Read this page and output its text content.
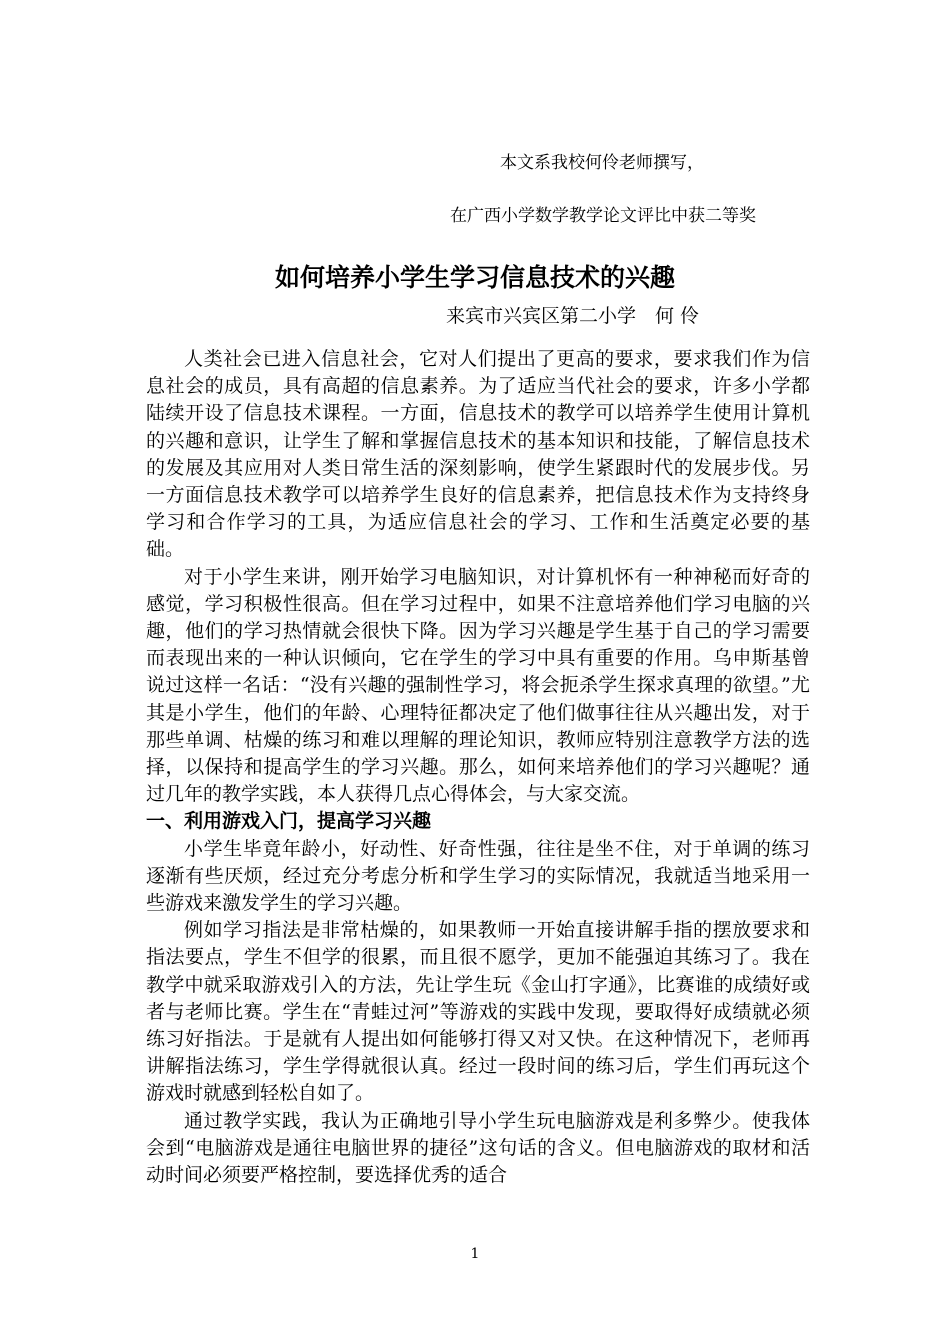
本文系我校何伶老师撰写，
在广西小学数学教学论文评比中获二等奖
如何培养小学生学习信息技术的兴趣
来宾市兴宾区第二小学　何 伶

人类社会已进入信息社会，它对人们提出了更高的要求，要求我们作为信息社会的成员，具有高超的信息素养。为了适应当代社会的要求，许多小学都陆续开设了信息技术课程。一方面，信息技术的教学可以培养学生使用计算机的兴趣和意识，让学生了解和掌握信息技术的基本知识和技能，了解信息技术的发展及其应用对人类日常生活的深刻影响，使学生紧跟时代的发展步伐。另一方面信息技术教学可以培养学生良好的信息素养，把信息技术作为支持终身学习和合作学习的工具，为适应信息社会的学习、工作和生活奠定必要的基础。

对于小学生来讲，刚开始学习电脑知识，对计算机怀有一种神秘而好奇的感觉，学习积极性很高。但在学习过程中，如果不注意培养他们学习电脑的兴趣，他们的学习热情就会很快下降。因为学习兴趣是学生基于自己的学习需要而表现出来的一种认识倾向，它在学生的学习中具有重要的作用。乌申斯基曾说过这样一名话：“没有兴趣的强制性学习，将会扼杀学生探求真理的欲望。”尤其是小学生，他们的年龄、心理特征都决定了他们做事往往从兴趣出发，对于那些单调、枯燥的练习和难以理解的理论知识，教师应特别注意教学方法的选择，以保持和提高学生的学习兴趣。那么，如何来培养他们的学习兴趣呢？通过几年的教学实践，本人获得几点心得体会，与大家交流。

一、利用游戏入门，提高学习兴趣

小学生毕竟年龄小，好动性、好奇性强，往往是坐不住，对于单调的练习逐渐有些厌烦，经过充分考虑分析和学生学习的实际情况，我就适当地采用一些游戏来激发学生的学习兴趣。

例如学习指法是非常枯燥的，如果教师一开始直接讲解手指的摆放要求和指法要点，学生不但学的很累，而且很不愿学，更加不能强迫其练习了。我在教学中就采取游戏引入的方法，先让学生玩《金山打字通》，比赛谁的成绩好或者与老师比赛。学生在“青蛙过河”等游戏的实践中发现，要取得好成绩就必须练习好指法。于是就有人提出如何能够打得又对又快。在这种情况下，老师再讲解指法练习，学生学得就很认真。经过一段时间的练习后，学生们再玩这个游戏时就感到轻松自如了。

通过教学实践，我认为正确地引导小学生玩电脑游戏是利多弊少。使我体会到“电脑游戏是通往电脑世界的捷径”这句话的含义。但电脑游戏的取材和活动时间必须要严格控制，要选择优秀的适合

1
